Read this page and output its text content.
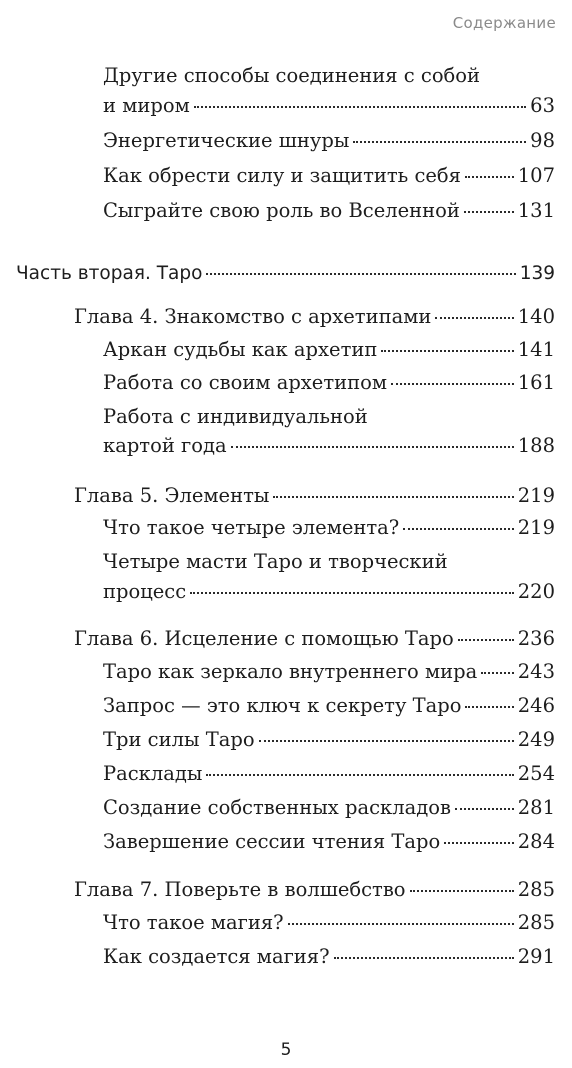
Содержание
Другие способы соединения с собой
и миром	63
Энергетические шнуры	98
Как обрести силу и защитить себя	107
Сыграйте свою роль во Вселенной	131
Часть вторая. Таро	139
Глава 4. Знакомство с архетипами	140
Аркан судьбы как архетип	141
Работа со своим архетипом	161
Работа с индивидуальной
картой года	188
Глава 5. Элементы	219
Что такое четыре элемента?	219
Четыре масти Таро и творческий
процесс	220
Глава 6. Исцеление с помощью Таро	236
Таро как зеркало внутреннего мира 243
Запрос — это ключ к секрету Таро	246
Три силы Таро	249
Расклады	254
Создание собственных раскладов	281
Завершение сессии чтения Таро	284
Глава 7. Поверьте в волшебство	285
Что такое магия?	285
Как создается магия?	291
5
